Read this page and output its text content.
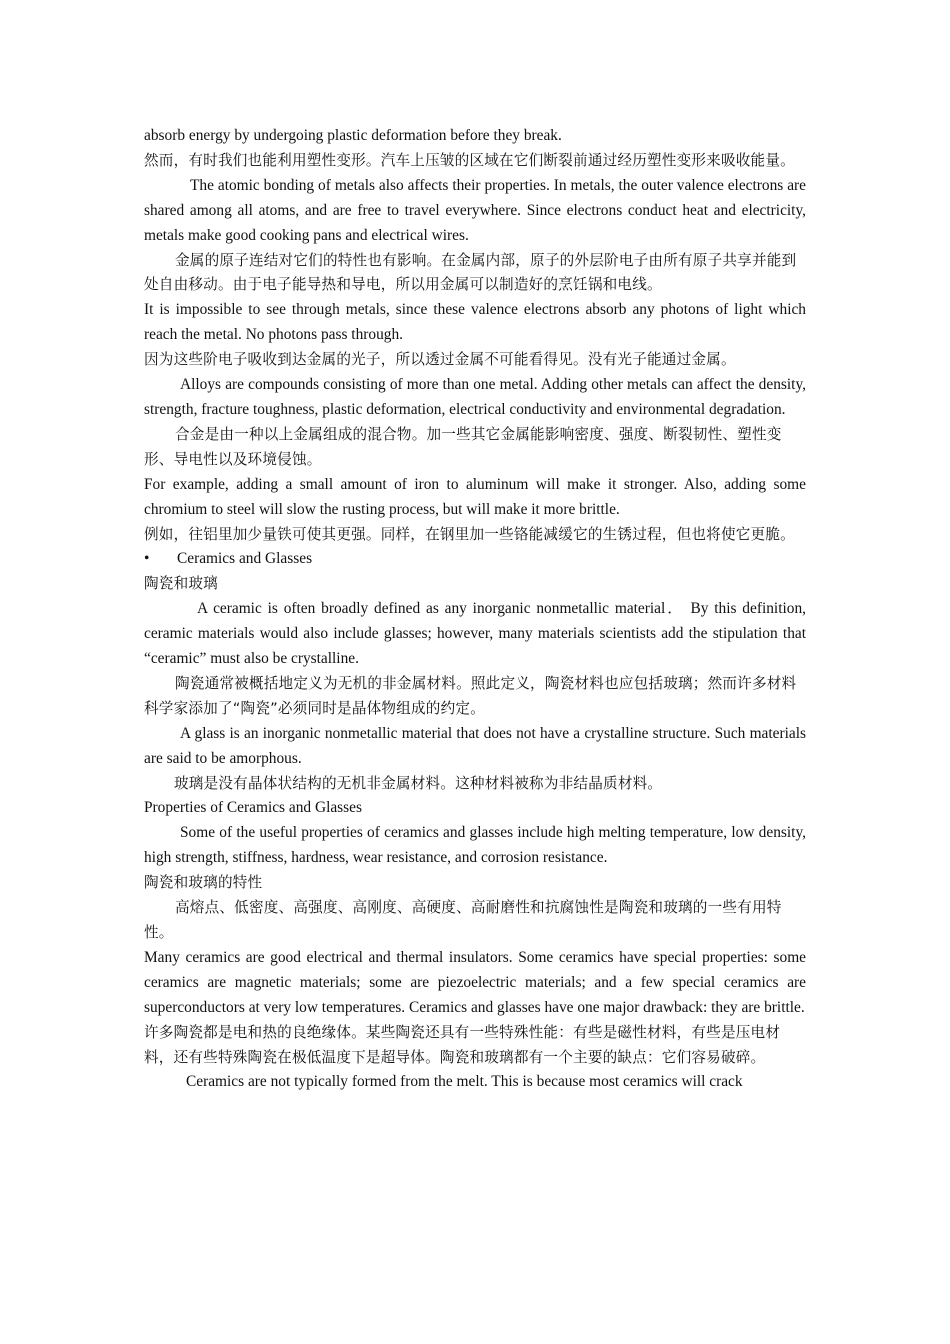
absorb energy by undergoing plastic deformation before they break.

然而，有时我们也能利用塑性变形。汽车上压皱的区域在它们断裂前通过经历塑性变形来吸收能量。

The atomic bonding of metals also affects their properties. In metals, the outer valence electrons are shared among all atoms, and are free to travel everywhere. Since electrons conduct heat and electricity, metals make good cooking pans and electrical wires.

金属的原子连结对它们的特性也有影响。在金属内部，原子的外层阶电子由所有原子共享并能到处自由移动。由于电子能导热和导电，所以用金属可以制造好的烹饪锅和电线。

It is impossible to see through metals, since these valence electrons absorb any photons of light which reach the metal. No photons pass through.

因为这些阶电子吸收到达金属的光子，所以透过金属不可能看得见。没有光子能通过金属。

Alloys are compounds consisting of more than one metal. Adding other metals can affect the density, strength, fracture toughness, plastic deformation, electrical conductivity and environmental degradation.

合金是由一种以上金属组成的混合物。加一些其它金属能影响密度、强度、断裂韧性、塑性变形、导电性以及环境侵蚀。

For example, adding a small amount of iron to aluminum will make it stronger. Also, adding some chromium to steel will slow the rusting process, but will make it more brittle.

例如，往铝里加少量铁可使其更强。同样，在钢里加一些铬能减缓它的生锈过程，但也将使它更脆。

•	Ceramics and Glasses

陶瓷和玻璃

A ceramic is often broadly defined as any inorganic nonmetallic material． By this definition, ceramic materials would also include glasses; however, many materials scientists add the stipulation that “ceramic” must also be crystalline.

陶瓷通常被概括地定义为无机的非金属材料。照此定义，陶瓷材料也应包括玻璃；然而许多材料科学家添加了“陶瓷”必须同时是晶体物组成的约定。

A glass is an inorganic nonmetallic material that does not have a crystalline structure. Such materials are said to be amorphous.

玻璃是没有晶体状结构的无机非金属材料。这种材料被称为非结晶质材料。

Properties of Ceramics and Glasses

Some of the useful properties of ceramics and glasses include high melting temperature, low density, high strength, stiffness, hardness, wear resistance, and corrosion resistance.

陶瓷和玻璃的特性

高熔点、低密度、高强度、高刚度、高硬度、高耐磨性和抗腐蚀性是陶瓷和玻璃的一些有用特性。

Many ceramics are good electrical and thermal insulators. Some ceramics have special properties: some ceramics are magnetic materials; some are piezoelectric materials; and a few special ceramics are superconductors at very low temperatures. Ceramics and glasses have one major drawback: they are brittle.

许多陶瓷都是电和热的良绝缘体。某些陶瓷还具有一些特殊性能：有些是磁性材料，有些是压电材料，还有些特殊陶瓷在极低温度下是超导体。陶瓷和玻璃都有一个主要的缺点：它们容易破碎。

Ceramics are not typically formed from the melt. This is because most ceramics will crack
